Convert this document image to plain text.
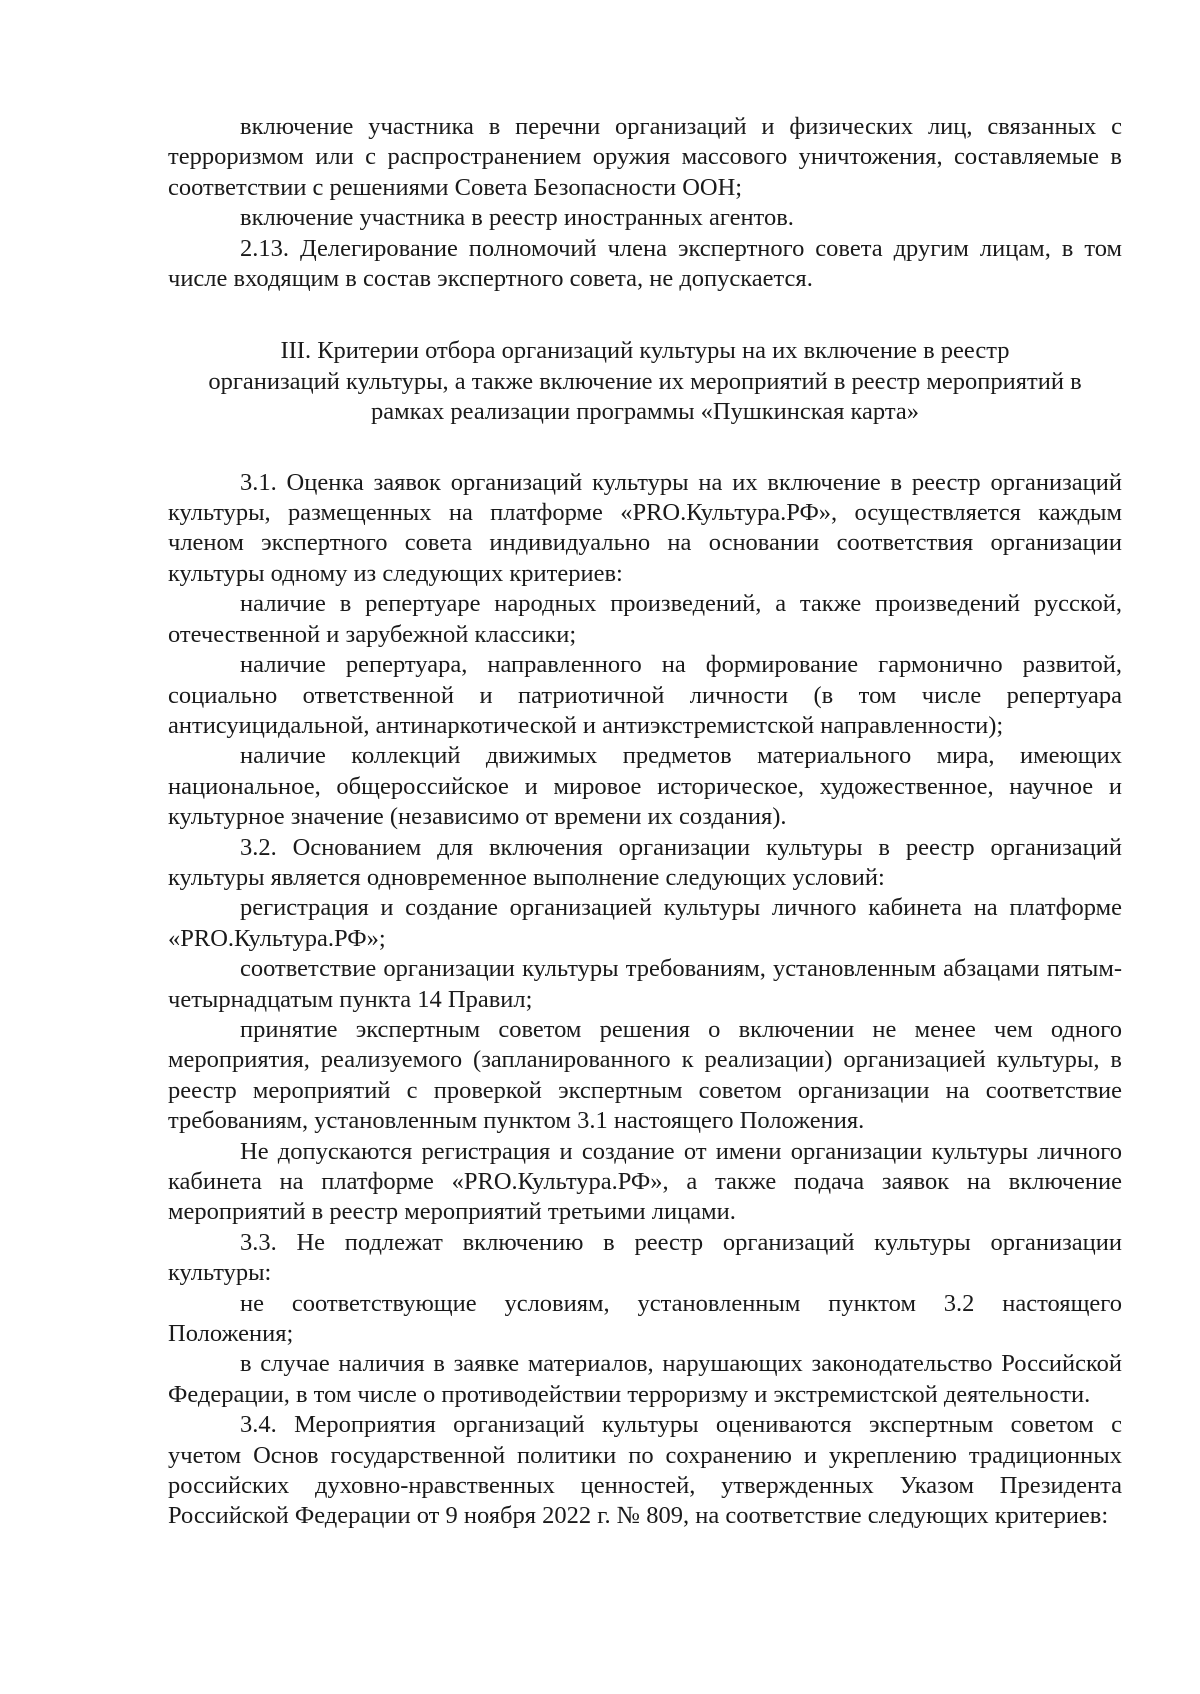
включение участника в перечни организаций и физических лиц, связанных с терроризмом или с распространением оружия массового уничтожения, составляемые в соответствии с решениями Совета Безопасности ООН;

включение участника в реестр иностранных агентов.

2.13. Делегирование полномочий члена экспертного совета другим лицам, в том числе входящим в состав экспертного совета, не допускается.

III. Критерии отбора организаций культуры на их включение в реестр
организаций культуры, а также включение их мероприятий в реестр мероприятий в
рамках реализации программы «Пушкинская карта»

3.1. Оценка заявок организаций культуры на их включение в реестр организаций культуры, размещенных на платформе «PRO.Культура.РФ», осуществляется каждым членом экспертного совета индивидуально на основании соответствия организации культуры одному из следующих критериев:

наличие в репертуаре народных произведений, а также произведений русской, отечественной и зарубежной классики;

наличие репертуара, направленного на формирование гармонично развитой, социально ответственной и патриотичной личности (в том числе репертуара антисуицидальной, антинаркотической и антиэкстремистской направленности);

наличие коллекций движимых предметов материального мира, имеющих национальное, общероссийское и мировое историческое, художественное, научное и культурное значение (независимо от времени их создания).

3.2. Основанием для включения организации культуры в реестр организаций культуры является одновременное выполнение следующих условий:

регистрация и создание организацией культуры личного кабинета на платформе «PRO.Культура.РФ»;

соответствие организации культуры требованиям, установленным абзацами пятым-четырнадцатым пункта 14 Правил;

принятие экспертным советом решения о включении не менее чем одного мероприятия, реализуемого (запланированного к реализации) организацией культуры, в реестр мероприятий с проверкой экспертным советом организации на соответствие требованиям, установленным пунктом 3.1 настоящего Положения.

Не допускаются регистрация и создание от имени организации культуры личного кабинета на платформе «PRO.Культура.РФ», а также подача заявок на включение мероприятий в реестр мероприятий третьими лицами.

3.3. Не подлежат включению в реестр организаций культуры организации культуры:

не соответствующие условиям, установленным пунктом 3.2 настоящего Положения;

в случае наличия в заявке материалов, нарушающих законодательство Российской Федерации, в том числе о противодействии терроризму и экстремистской деятельности.

3.4. Мероприятия организаций культуры оцениваются экспертным советом с учетом Основ государственной политики по сохранению и укреплению традиционных российских духовно-нравственных ценностей, утвержденных Указом Президента Российской Федерации от 9 ноября 2022 г. № 809, на соответствие следующих критериев:
